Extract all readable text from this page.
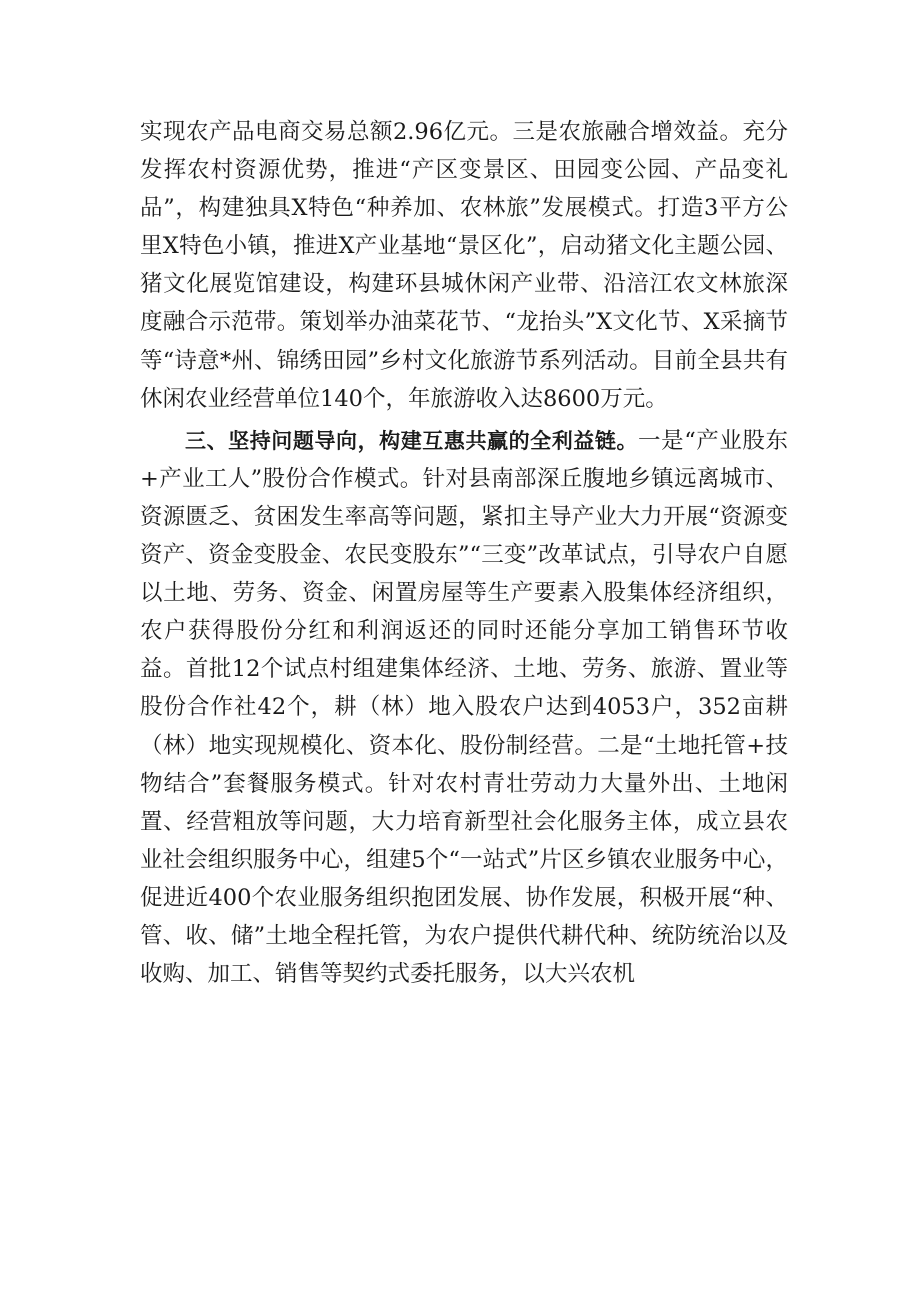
实现农产品电商交易总额2.96亿元。三是农旅融合增效益。充分发挥农村资源优势，推进“产区变景区、田园变公园、产品变礼品”，构建独具X特色“种养加、农林旅”发展模式。打造3平方公里X特色小镇，推进X产业基地“景区化”，启动猪文化主题公园、猪文化展览馆建设，构建环县城休闲产业带、沿涪江农文林旅深度融合示范带。策划举办油菜花节、“龙抬头”X文化节、X采摘节等“诗意*州、锦绣田园”乡村文化旅游节系列活动。目前全县共有休闲农业经营单位140个，年旅游收入达8600万元。

三、坚持问题导向，构建互惠共赢的全利益链。一是“产业股东+产业工人”股份合作模式。针对县南部深丘腹地乡镇远离城市、资源匮乏、贫困发生率高等问题，紧扣主导产业大力开展“资源变资产、资金变股金、农民变股东”“三变”改革试点，引导农户自愿以土地、劳务、资金、闲置房屋等生产要素入股集体经济组织，农户获得股份分红和利润返还的同时还能分享加工销售环节收益。首批12个试点村组建集体经济、土地、劳务、旅游、置业等股份合作社42个，耕（林）地入股农户达到4053户，352亩耕（林）地实现规模化、资本化、股份制经营。二是“土地托管+技物结合”套餐服务模式。针对农村青壮劳动力大量外出、土地闲置、经营粗放等问题，大力培育新型社会化服务主体，成立县农业社会组织服务中心，组建5个“一站式”片区乡镇农业服务中心，促进近400个农业服务组织抱团发展、协作发展，积极开展“种、管、收、储”土地全程托管，为农户提供代耕代种、统防统治以及收购、加工、销售等契约式委托服务，以大兴农机
